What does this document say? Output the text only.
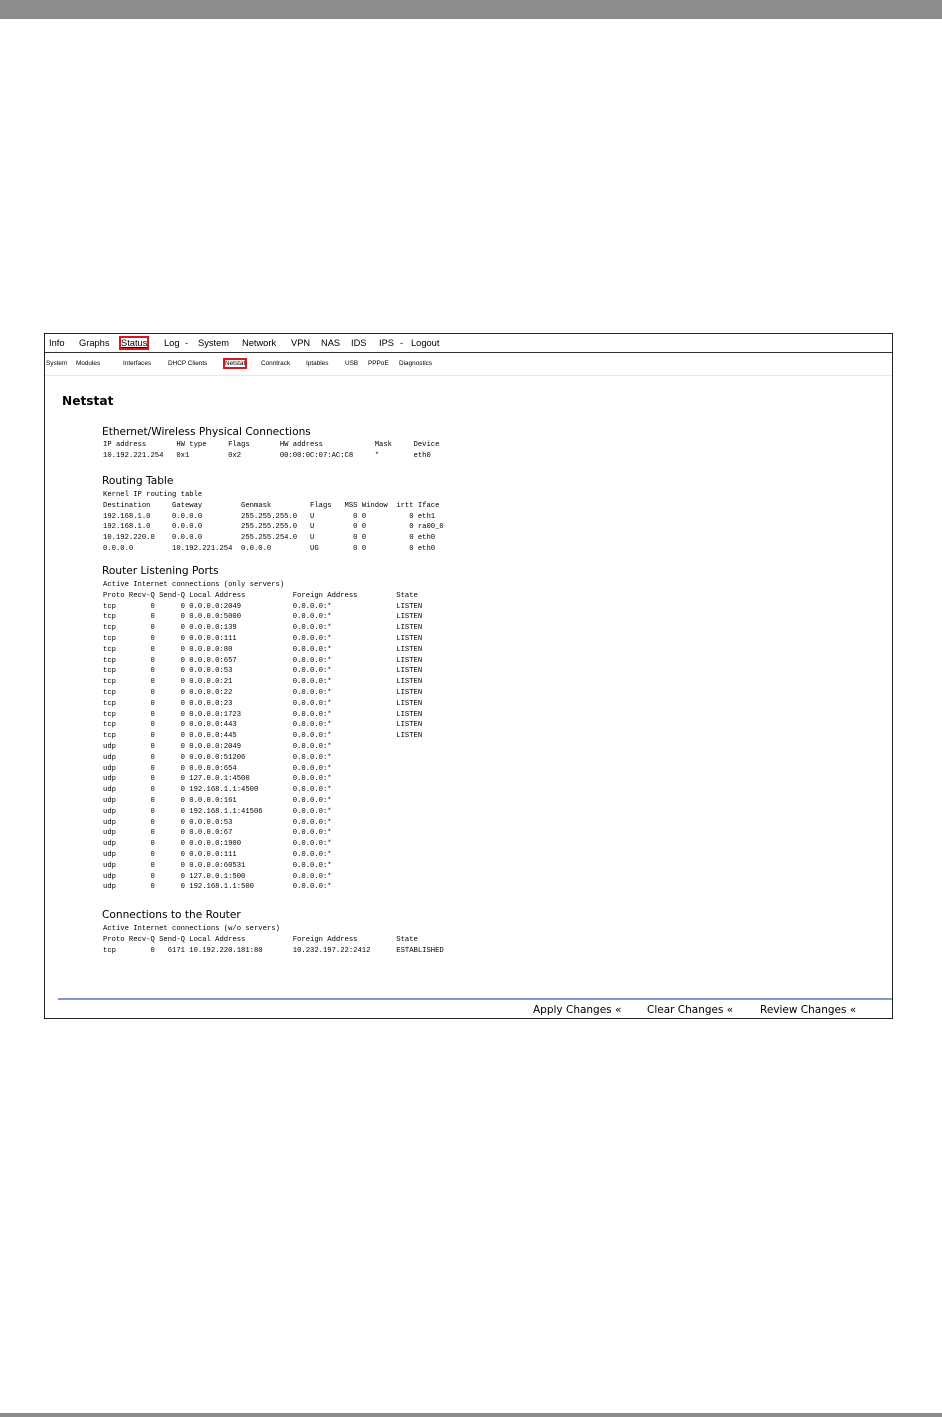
Info Graphs Status Log - System Network VPN NAS IDS IPS - Logout
System Modules	Interfaces	DHCP Clients	Netstat Conntrack Iptables	USB PPPoE Diagnostics
Netstat
Ethernet/Wireless Physical Connections
IP address       HW type     Flags       HW address            Mask     Device
10.192.221.254   0x1         0x2         00:00:0C:07:AC:C8     *        eth0
Routing Table
Kernel IP routing table
Destination     Gateway         Genmask         Flags   MSS Window  irtt Iface
192.168.1.0     0.0.0.0         255.255.255.0   U         0 0          0 eth1
192.168.1.0     0.0.0.0         255.255.255.0   U         0 0          0 ra00_0
10.192.220.0    0.0.0.0         255.255.254.0   U         0 0          0 eth0
0.0.0.0         10.192.221.254  0.0.0.0         UG        0 0          0 eth0
Router Listening Ports
Active Internet connections (only servers)
Proto Recv-Q Send-Q Local Address           Foreign Address         State
tcp        0      0 0.0.0.0:2049            0.0.0.0:*               LISTEN
tcp        0      0 0.0.0.0:5000            0.0.0.0:*               LISTEN
tcp        0      0 0.0.0.0:139             0.0.0.0:*               LISTEN
tcp        0      0 0.0.0.0:111             0.0.0.0:*               LISTEN
tcp        0      0 0.0.0.0:80              0.0.0.0:*               LISTEN
tcp        0      0 0.0.0.0:657             0.0.0.0:*               LISTEN
tcp        0      0 0.0.0.0:53              0.0.0.0:*               LISTEN
tcp        0      0 0.0.0.0:21              0.0.0.0:*               LISTEN
tcp        0      0 0.0.0.0:22              0.0.0.0:*               LISTEN
tcp        0      0 0.0.0.0:23              0.0.0.0:*               LISTEN
tcp        0      0 0.0.0.0:1723            0.0.0.0:*               LISTEN
tcp        0      0 0.0.0.0:443             0.0.0.0:*               LISTEN
tcp        0      0 0.0.0.0:445             0.0.0.0:*               LISTEN
udp        0      0 0.0.0.0:2049            0.0.0.0:*
udp        0      0 0.0.0.0:51206           0.0.0.0:*
udp        0      0 0.0.0.0:654             0.0.0.0:*
udp        0      0 127.0.0.1:4500          0.0.0.0:*
udp        0      0 192.168.1.1:4500        0.0.0.0:*
udp        0      0 0.0.0.0:161             0.0.0.0:*
udp        0      0 192.168.1.1:41506       0.0.0.0:*
udp        0      0 0.0.0.0:53              0.0.0.0:*
udp        0      0 0.0.0.0:67              0.0.0.0:*
udp        0      0 0.0.0.0:1900            0.0.0.0:*
udp        0      0 0.0.0.0:111             0.0.0.0:*
udp        0      0 0.0.0.0:60531           0.0.0.0:*
udp        0      0 127.0.0.1:500           0.0.0.0:*
udp        0      0 192.168.1.1:500         0.0.0.0:*
Connections to the Router
Active Internet connections (w/o servers)
Proto Recv-Q Send-Q Local Address           Foreign Address         State
tcp        0   6171 10.192.220.181:80       10.232.197.22:2412      ESTABLISHED
Apply Changes « Clear Changes «	Review Changes «
